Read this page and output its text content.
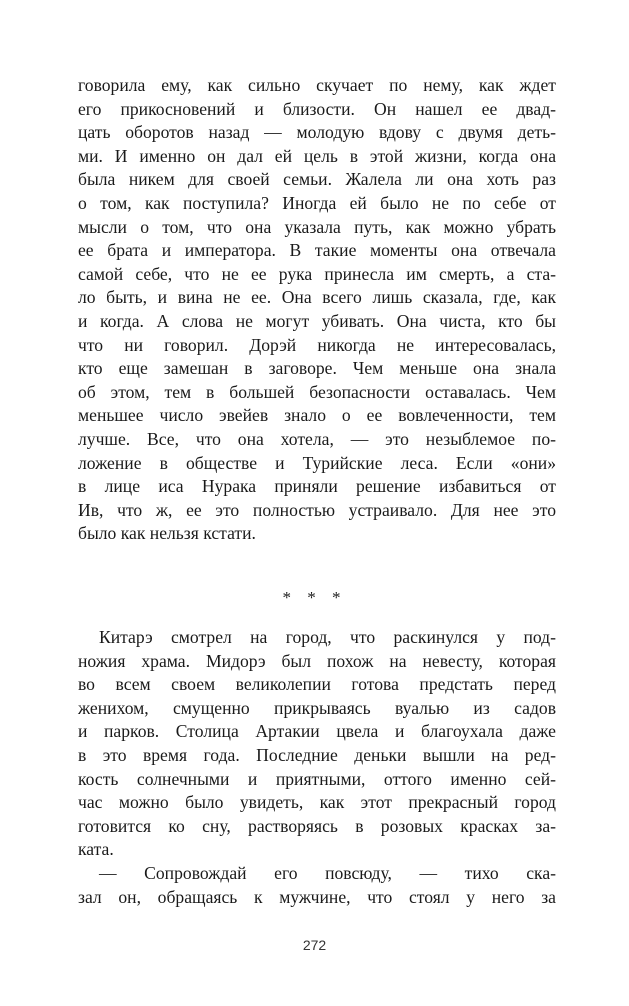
говорила ему, как сильно скучает по нему, как ждет
его прикосновений и близости. Он нашел ее двад-
цать оборотов назад — молодую вдову с двумя деть-
ми. И именно он дал ей цель в этой жизни, когда она
была никем для своей семьи. Жалела ли она хоть раз
о том, как поступила? Иногда ей было не по себе от
мысли о том, что она указала путь, как можно убрать
ее брата и императора. В такие моменты она отвечала
самой себе, что не ее рука принесла им смерть, а ста-
ло быть, и вина не ее. Она всего лишь сказала, где, как
и когда. А слова не могут убивать. Она чиста, кто бы
что ни говорил. Дорэй никогда не интересовалась,
кто еще замешан в заговоре. Чем меньше она знала
об этом, тем в большей безопасности оставалась. Чем
меньшее число эвейев знало о ее вовлеченности, тем
лучше. Все, что она хотела, — это незыблемое по-
ложение в обществе и Турийские леса. Если «они»
в лице иса Нурака приняли решение избавиться от
Ив, что ж, ее это полностью устраивало. Для нее это
было как нельзя кстати.
* * *
Китарэ смотрел на город, что раскинулся у под-
ножия храма. Мидорэ был похож на невесту, которая
во всем своем великолепии готова предстать перед
женихом, смущенно прикрываясь вуалью из садов
и парков. Столица Артакии цвела и благоухала даже
в это время года. Последние деньки вышли на ред-
кость солнечными и приятными, оттого именно сей-
час можно было увидеть, как этот прекрасный город
готовится ко сну, растворяясь в розовых красках за-
ката.
— Сопровождай его повсюду, — тихо ска-
зал он, обращаясь к мужчине, что стоял у него за
272
